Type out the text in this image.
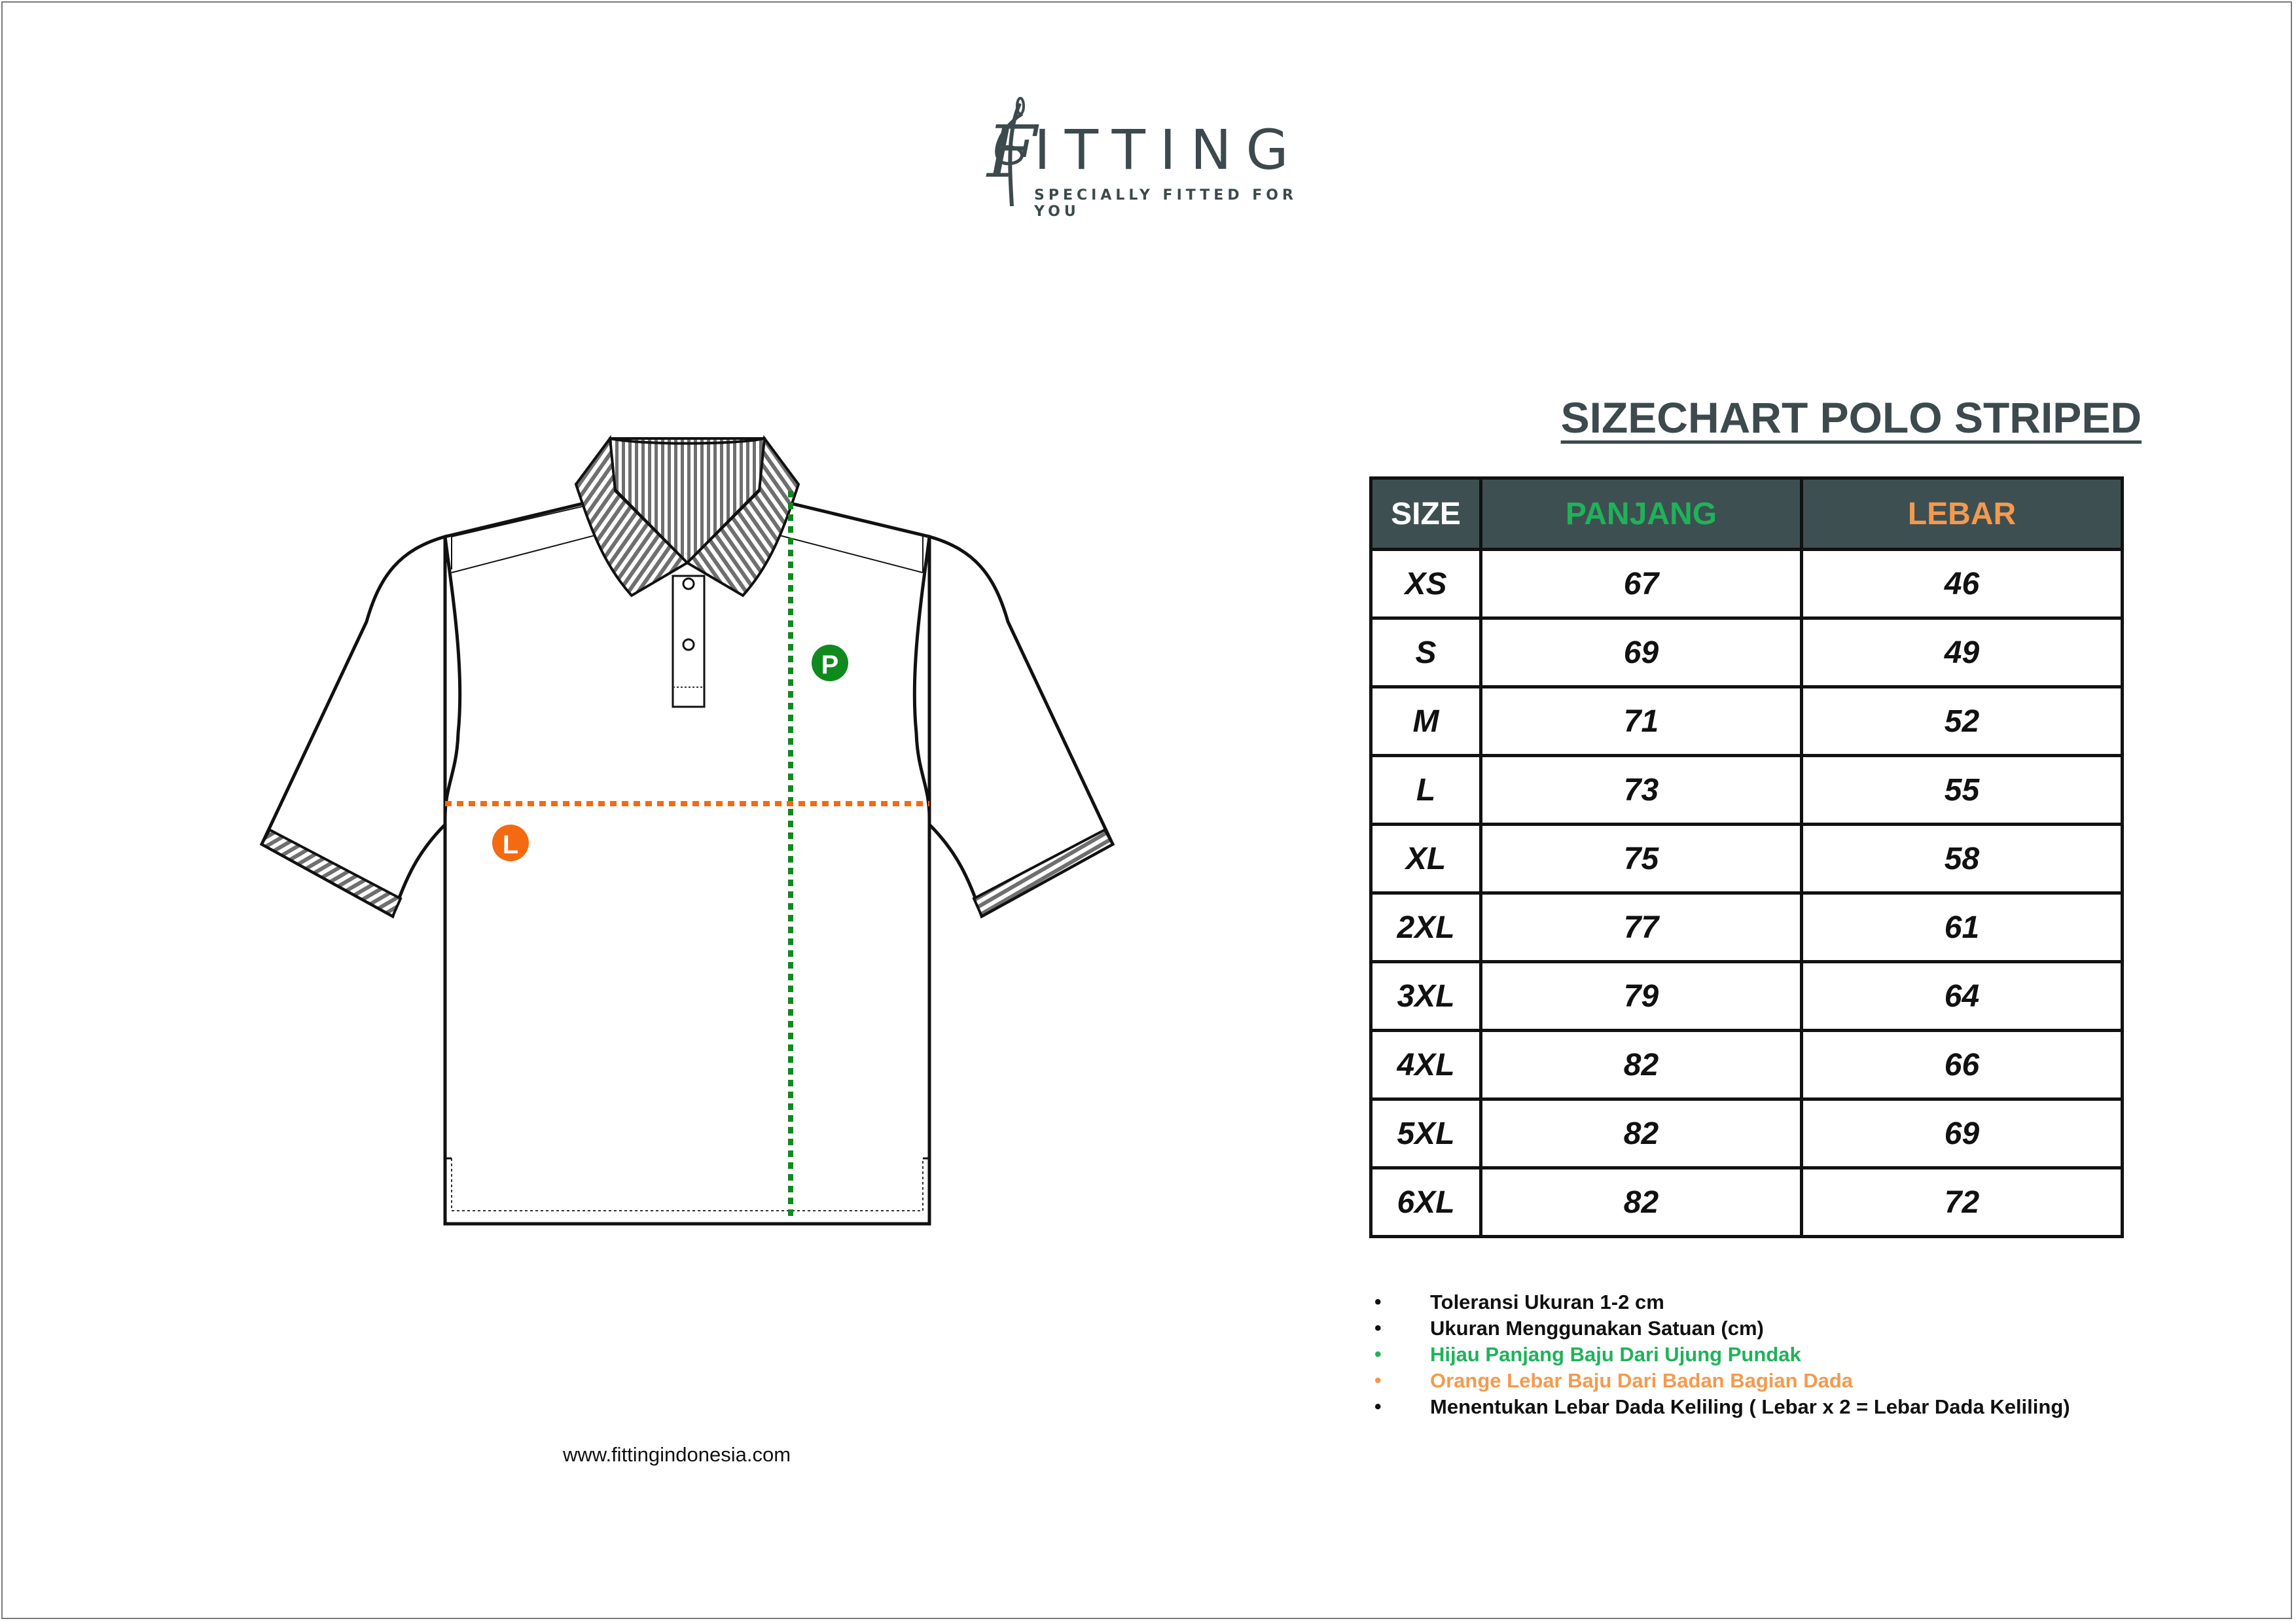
F
ITTING
SPECIALLY FITTED FOR YOU
P
L
SIZECHART POLO STRIPED
SIZE	PANJANG	LEBAR
XS	67	46
S	69	49
M	71	52
L	73	55
XL	75	58
2XL	77	61
3XL	79	64
4XL	82	66
5XL	82	69
6XL	82	72
• Toleransi Ukuran 1-2 cm
• Ukuran Menggunakan Satuan (cm)
• Hijau Panjang Baju Dari Ujung Pundak
• Orange Lebar Baju Dari Badan Bagian Dada
• Menentukan Lebar Dada Keliling ( Lebar x 2 = Lebar Dada Keliling)
www.fittingindonesia.com
